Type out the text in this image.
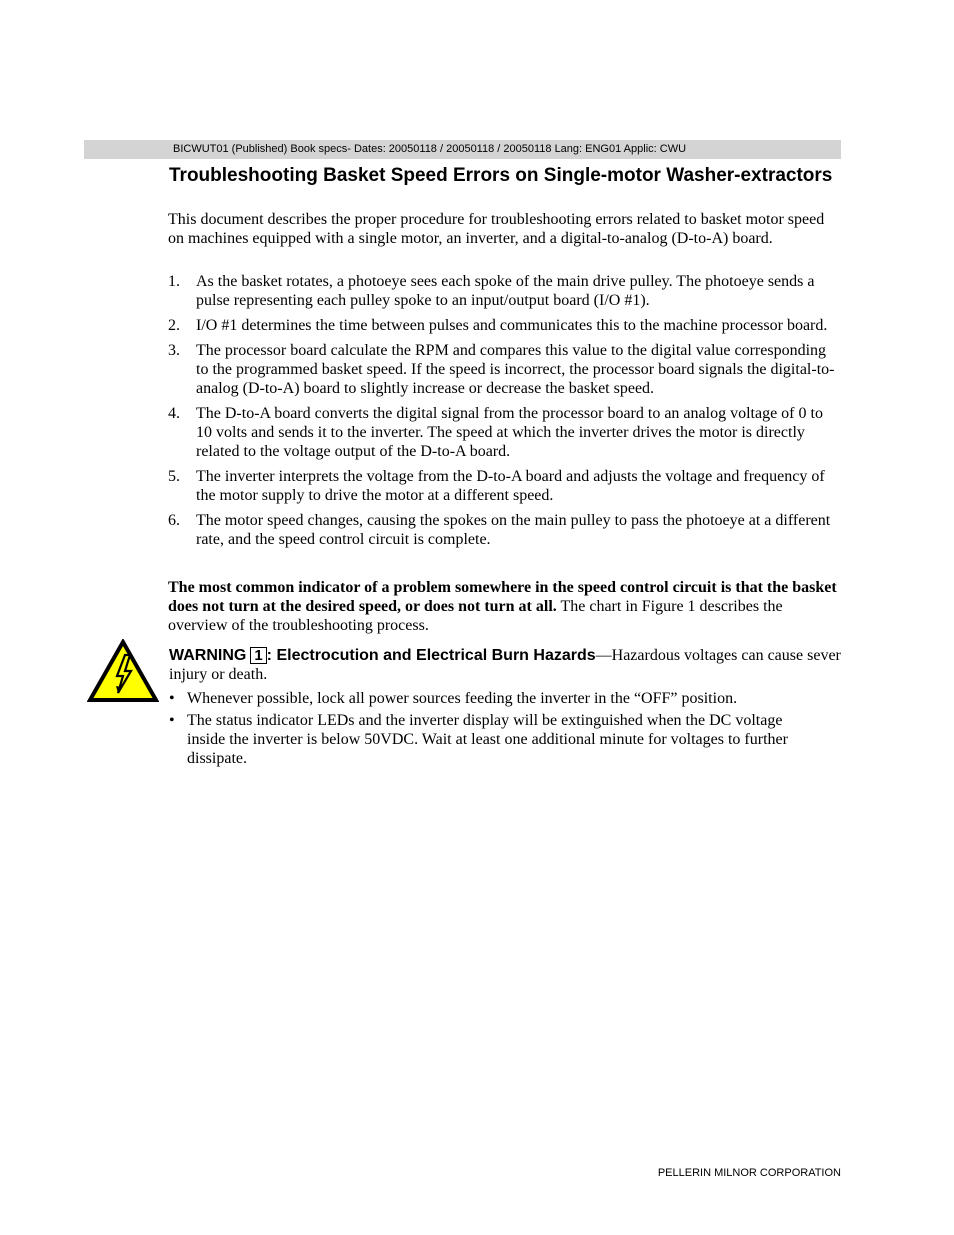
BICWUT01 (Published) Book specs- Dates: 20050118 / 20050118 / 20050118 Lang: ENG01 Applic: CWU
Troubleshooting Basket Speed Errors on Single-motor Washer-extractors

This document describes the proper procedure for troubleshooting errors related to basket motor speed on machines equipped with a single motor, an inverter, and a digital-to-analog (D-to-A) board.

1. As the basket rotates, a photoeye sees each spoke of the main drive pulley. The photoeye sends a pulse representing each pulley spoke to an input/output board (I/O #1).
2. I/O #1 determines the time between pulses and communicates this to the machine processor board.
3. The processor board calculate the RPM and compares this value to the digital value corresponding to the programmed basket speed. If the speed is incorrect, the processor board signals the digital-to-analog (D-to-A) board to slightly increase or decrease the basket speed.
4. The D-to-A board converts the digital signal from the processor board to an analog voltage of 0 to 10 volts and sends it to the inverter. The speed at which the inverter drives the motor is directly related to the voltage output of the D-to-A board.
5. The inverter interprets the voltage from the D-to-A board and adjusts the voltage and frequency of the motor supply to drive the motor at a different speed.
6. The motor speed changes, causing the spokes on the main pulley to pass the photoeye at a different rate, and the speed control circuit is complete.

The most common indicator of a problem somewhere in the speed control circuit is that the basket does not turn at the desired speed, or does not turn at all. The chart in Figure 1 describes the overview of the troubleshooting process.

WARNING 1 : Electrocution and Electrical Burn Hazards—Hazardous voltages can cause sever injury or death.

• Whenever possible, lock all power sources feeding the inverter in the “OFF” position.
• The status indicator LEDs and the inverter display will be extinguished when the DC voltage inside the inverter is below 50VDC. Wait at least one additional minute for voltages to further dissipate.
PELLERIN MILNOR CORPORATION
